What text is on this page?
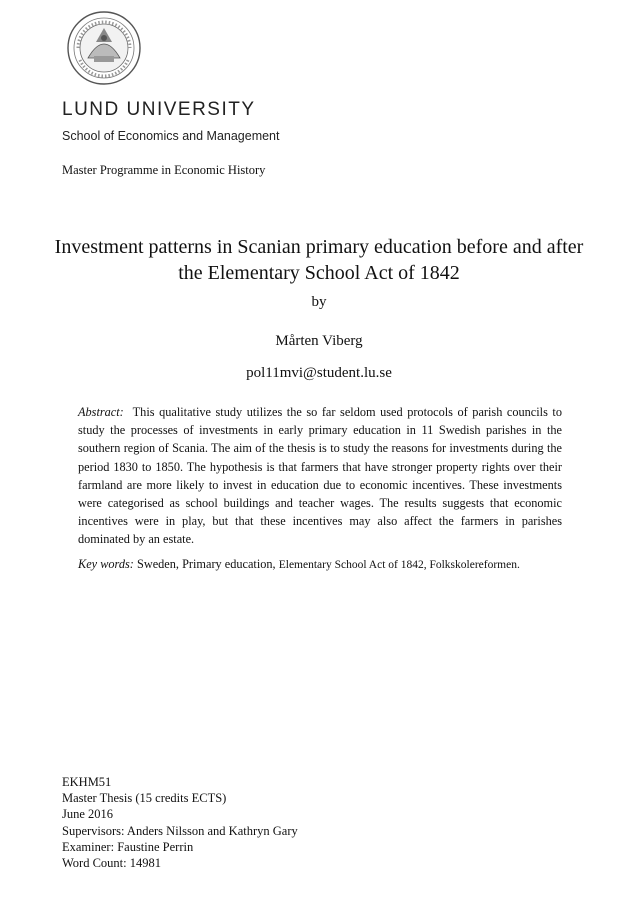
LUND UNIVERSITY
School of Economics and Management
Master Programme in Economic History
Investment patterns in Scanian primary education before and after the Elementary School Act of 1842
by
Mårten Viberg
pol11mvi@student.lu.se
Abstract: This qualitative study utilizes the so far seldom used protocols of parish councils to study the processes of investments in early primary education in 11 Swedish parishes in the southern region of Scania. The aim of the thesis is to study the reasons for investments during the period 1830 to 1850. The hypothesis is that farmers that have stronger property rights over their farmland are more likely to invest in education due to economic incentives. These investments were categorised as school buildings and teacher wages. The results suggests that economic incentives were in play, but that these incentives may also affect the farmers in parishes dominated by an estate.
Key words: Sweden, Primary education, Elementary School Act of 1842, Folkskolereformen.
EKHM51
Master Thesis (15 credits ECTS)
June 2016
Supervisors: Anders Nilsson and Kathryn Gary
Examiner: Faustine Perrin
Word Count: 14981
